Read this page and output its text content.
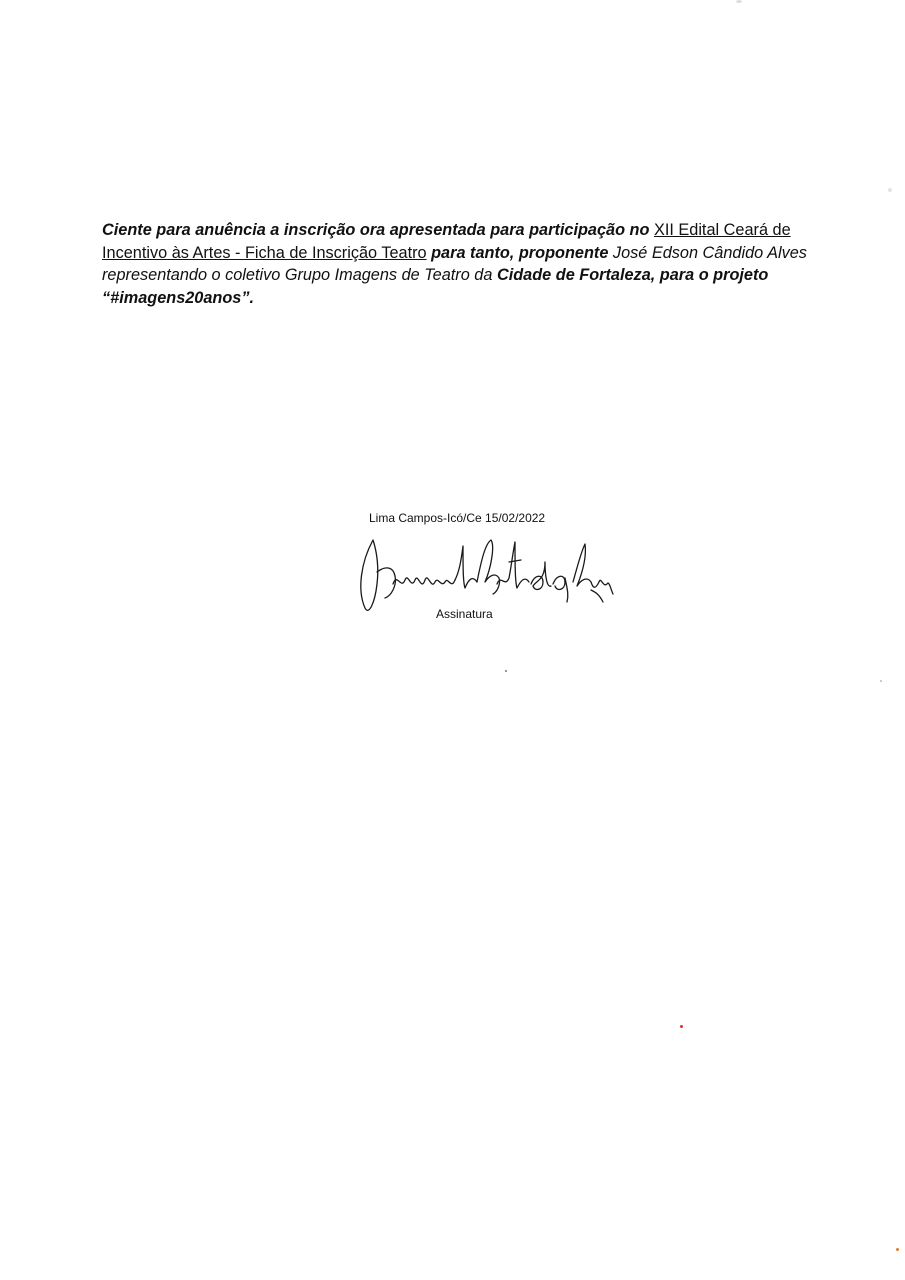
Ciente para anuência a inscrição ora apresentada para participação no XII Edital Ceará de Incentivo às Artes - Ficha de Inscrição Teatro para tanto, proponente José Edson Cândido Alves representando o coletivo Grupo Imagens de Teatro da Cidade de Fortaleza, para o projeto “#imagens20anos”.

Lima Campos-Icó/Ce 15/02/2022
Assinatura
